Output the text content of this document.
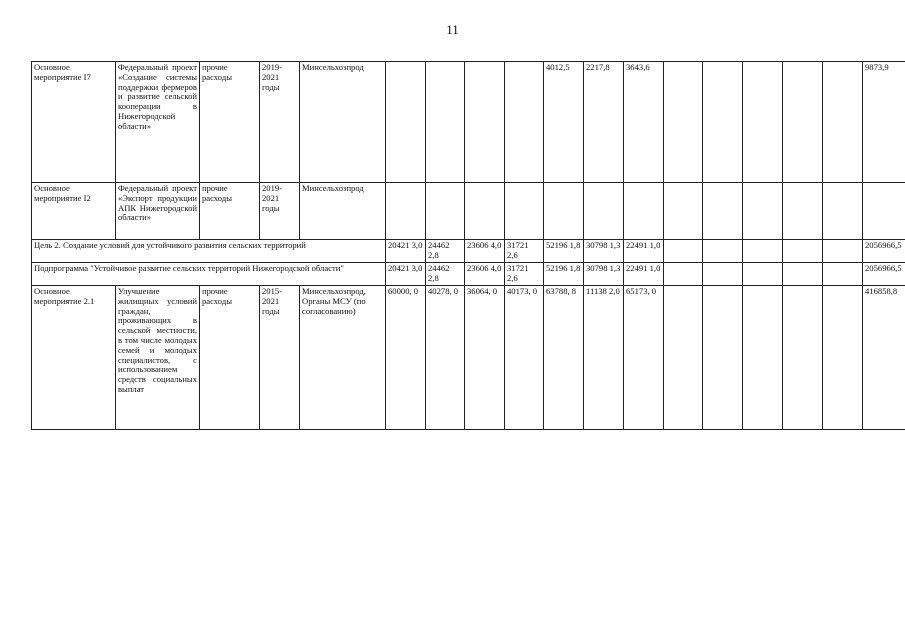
11
Основное мероприятие I7	Федеральный проект «Создание системы поддержки фермеров и развитие сельской кооперации в Нижегородской области»	прочие расходы	2019-2021 годы	Минсельхозпрод					4012,5	2217,8	3643,6						9873,9
Основное мероприятие I2	Федеральный проект «Экспорт продукции АПК Нижегородской области»	прочие расходы	2019-2021 годы	Минсельхозпрод													
Цель 2. Создание условий для устойчивого развития сельских территорий					20421 3,0	24462 2,8	23606 4,0	31721 2,6	52196 1,8	30798 1,3	22491 1,0						2056966,5
Подпрограмма "Устойчивое развитие сельских территорий Нижегородской области"					20421 3,0	24462 2,8	23606 4,0	31721 2,6	52196 1,8	30798 1,3	22491 1,0						2056966,5
Основное мероприятие 2.1	Улучшение жилищных условий граждан, проживающих в сельской местности, в том числе молодых семей и молодых специалистов, с использованием средств социальных выплат	прочие расходы	2015-2021 годы	Минсельхозпрод, Органы МСУ (по согласованию)	60000, 0	40278, 0	36064, 0	40173, 0	63788, 8	11138 2,0	65173, 0						416858,8
